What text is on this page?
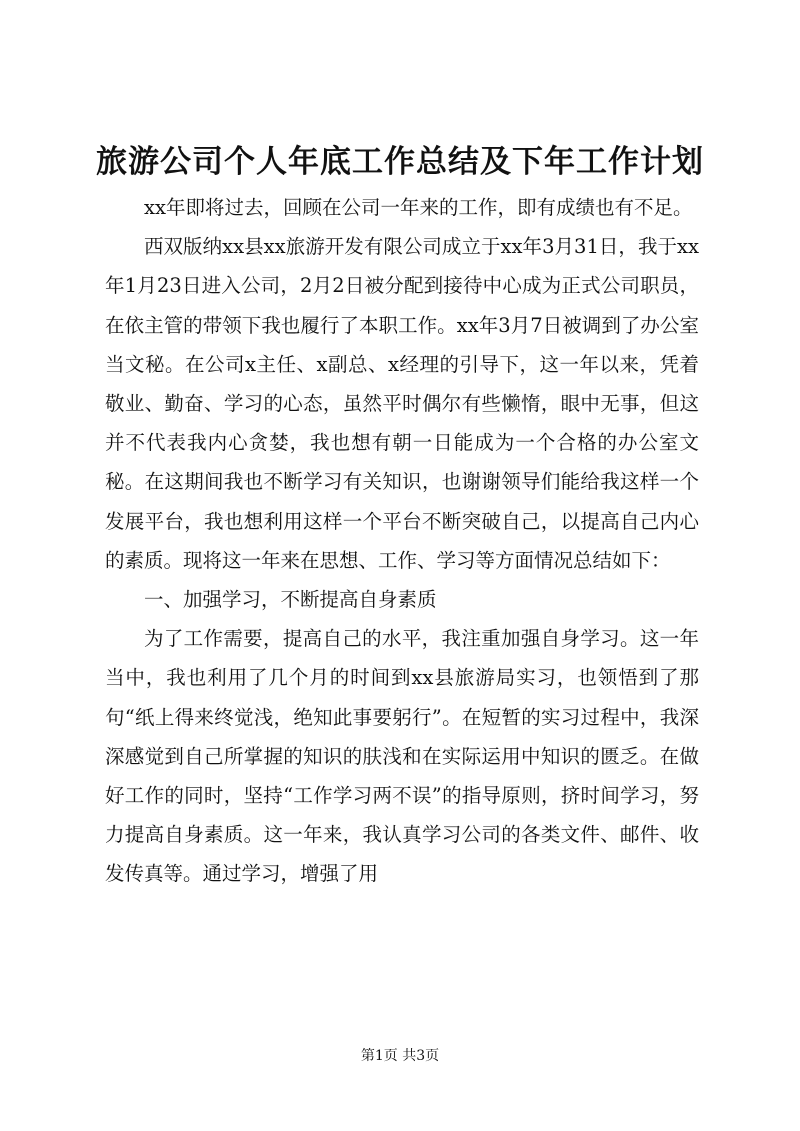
旅游公司个人年底工作总结及下年工作计划

xx年即将过去，回顾在公司一年来的工作，即有成绩也有不足。

西双版纳xx县xx旅游开发有限公司成立于xx年3月31日，我于xx年1月23日进入公司，2月2日被分配到接待中心成为正式公司职员，在依主管的带领下我也履行了本职工作。xx年3月7日被调到了办公室当文秘。在公司x主任、x副总、x经理的引导下，这一年以来，凭着敬业、勤奋、学习的心态，虽然平时偶尔有些懒惰，眼中无事，但这并不代表我内心贪婪，我也想有朝一日能成为一个合格的办公室文秘。在这期间我也不断学习有关知识，也谢谢领导们能给我这样一个发展平台，我也想利用这样一个平台不断突破自己，以提高自己内心的素质。现将这一年来在思想、工作、学习等方面情况总结如下：

一、加强学习，不断提高自身素质

为了工作需要，提高自己的水平，我注重加强自身学习。这一年当中，我也利用了几个月的时间到xx县旅游局实习，也领悟到了那句“纸上得来终觉浅，绝知此事要躬行”。在短暂的实习过程中，我深深感觉到自己所掌握的知识的肤浅和在实际运用中知识的匮乏。在做好工作的同时，坚持“工作学习两不误”的指导原则，挤时间学习，努力提高自身素质。这一年来，我认真学习公司的各类文件、邮件、收发传真等。通过学习，增强了用

第1页 共3页
